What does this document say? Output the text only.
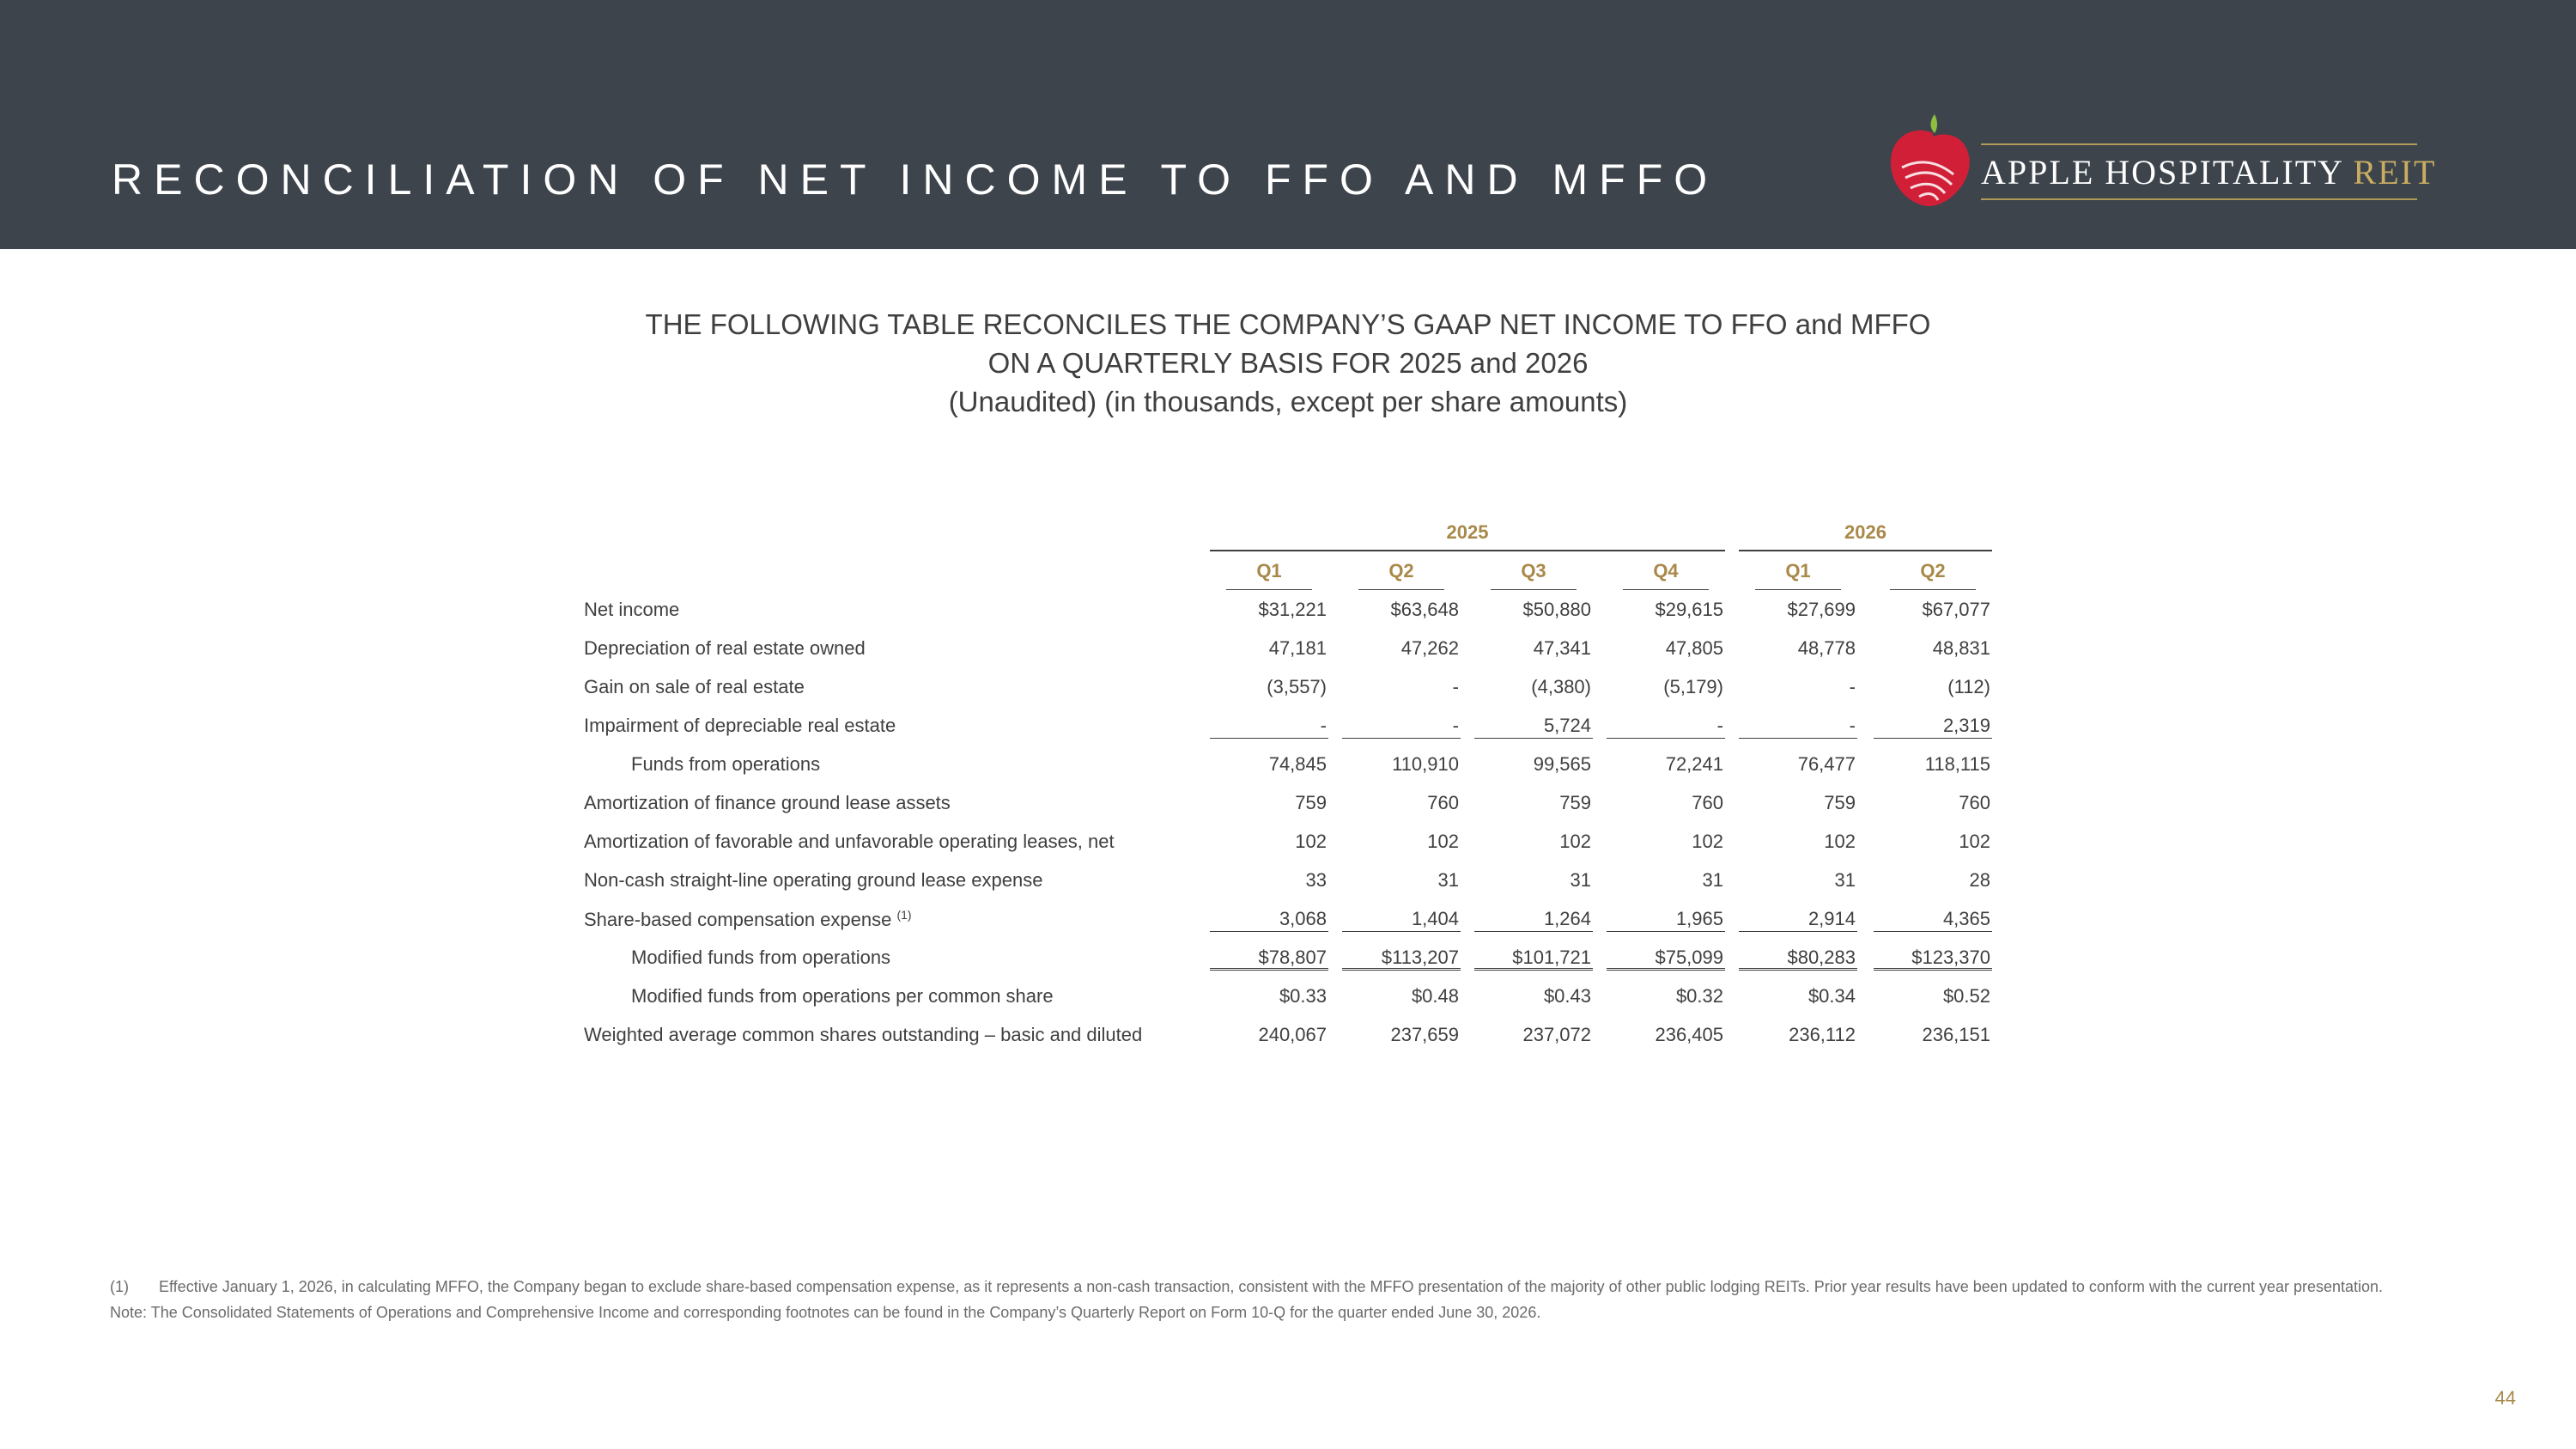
RECONCILIATION OF NET INCOME TO FFO AND MFFO	APPLE HOSPITALITY REIT
THE FOLLOWING TABLE RECONCILES THE COMPANY’S GAAP NET INCOME TO FFO and MFFO
ON A QUARTERLY BASIS FOR 2025 and 2026
(Unaudited) (in thousands, except per share amounts)
2025	2026
Q1	Q2	Q3	Q4	Q1	Q2
Net income	$31,221	$63,648	$50,880	$29,615	$27,699	$67,077
Depreciation of real estate owned	47,181	47,262	47,341	47,805	48,778	48,831
Gain on sale of real estate	(3,557)	-	(4,380)	(5,179)	-	(112)
Impairment of depreciable real estate	-	-	5,724	-	-	2,319
Funds from operations	74,845	110,910	99,565	72,241	76,477	118,115
Amortization of finance ground lease assets	759	760	759	760	759	760
Amortization of favorable and unfavorable operating leases, net	102	102	102	102	102	102
Non-cash straight-line operating ground lease expense	33	31	31	31	31	28
Share-based compensation expense $^{(1)}$	3,068	1,404	1,264	1,965	2,914	4,365
Modified funds from operations	$78,807	$113,207	$101,721	$75,099	$80,283	$123,370
Modified funds from operations per common share	$0.33	$0.48	$0.43	$0.32	$0.34	$0.52
Weighted average common shares outstanding – basic and diluted	240,067	237,659	237,072	236,405	236,112	236,151
(1) Effective January 1, 2026, in calculating MFFO, the Company began to exclude share-based compensation expense, as it represents a non-cash transaction, consistent with the MFFO presentation of the majority of other public lodging REITs. Prior year results have been updated to conform with the current year presentation.
Note: The Consolidated Statements of Operations and Comprehensive Income and corresponding footnotes can be found in the Company’s Quarterly Report on Form 10-Q for the quarter ended June 30, 2026.
44
